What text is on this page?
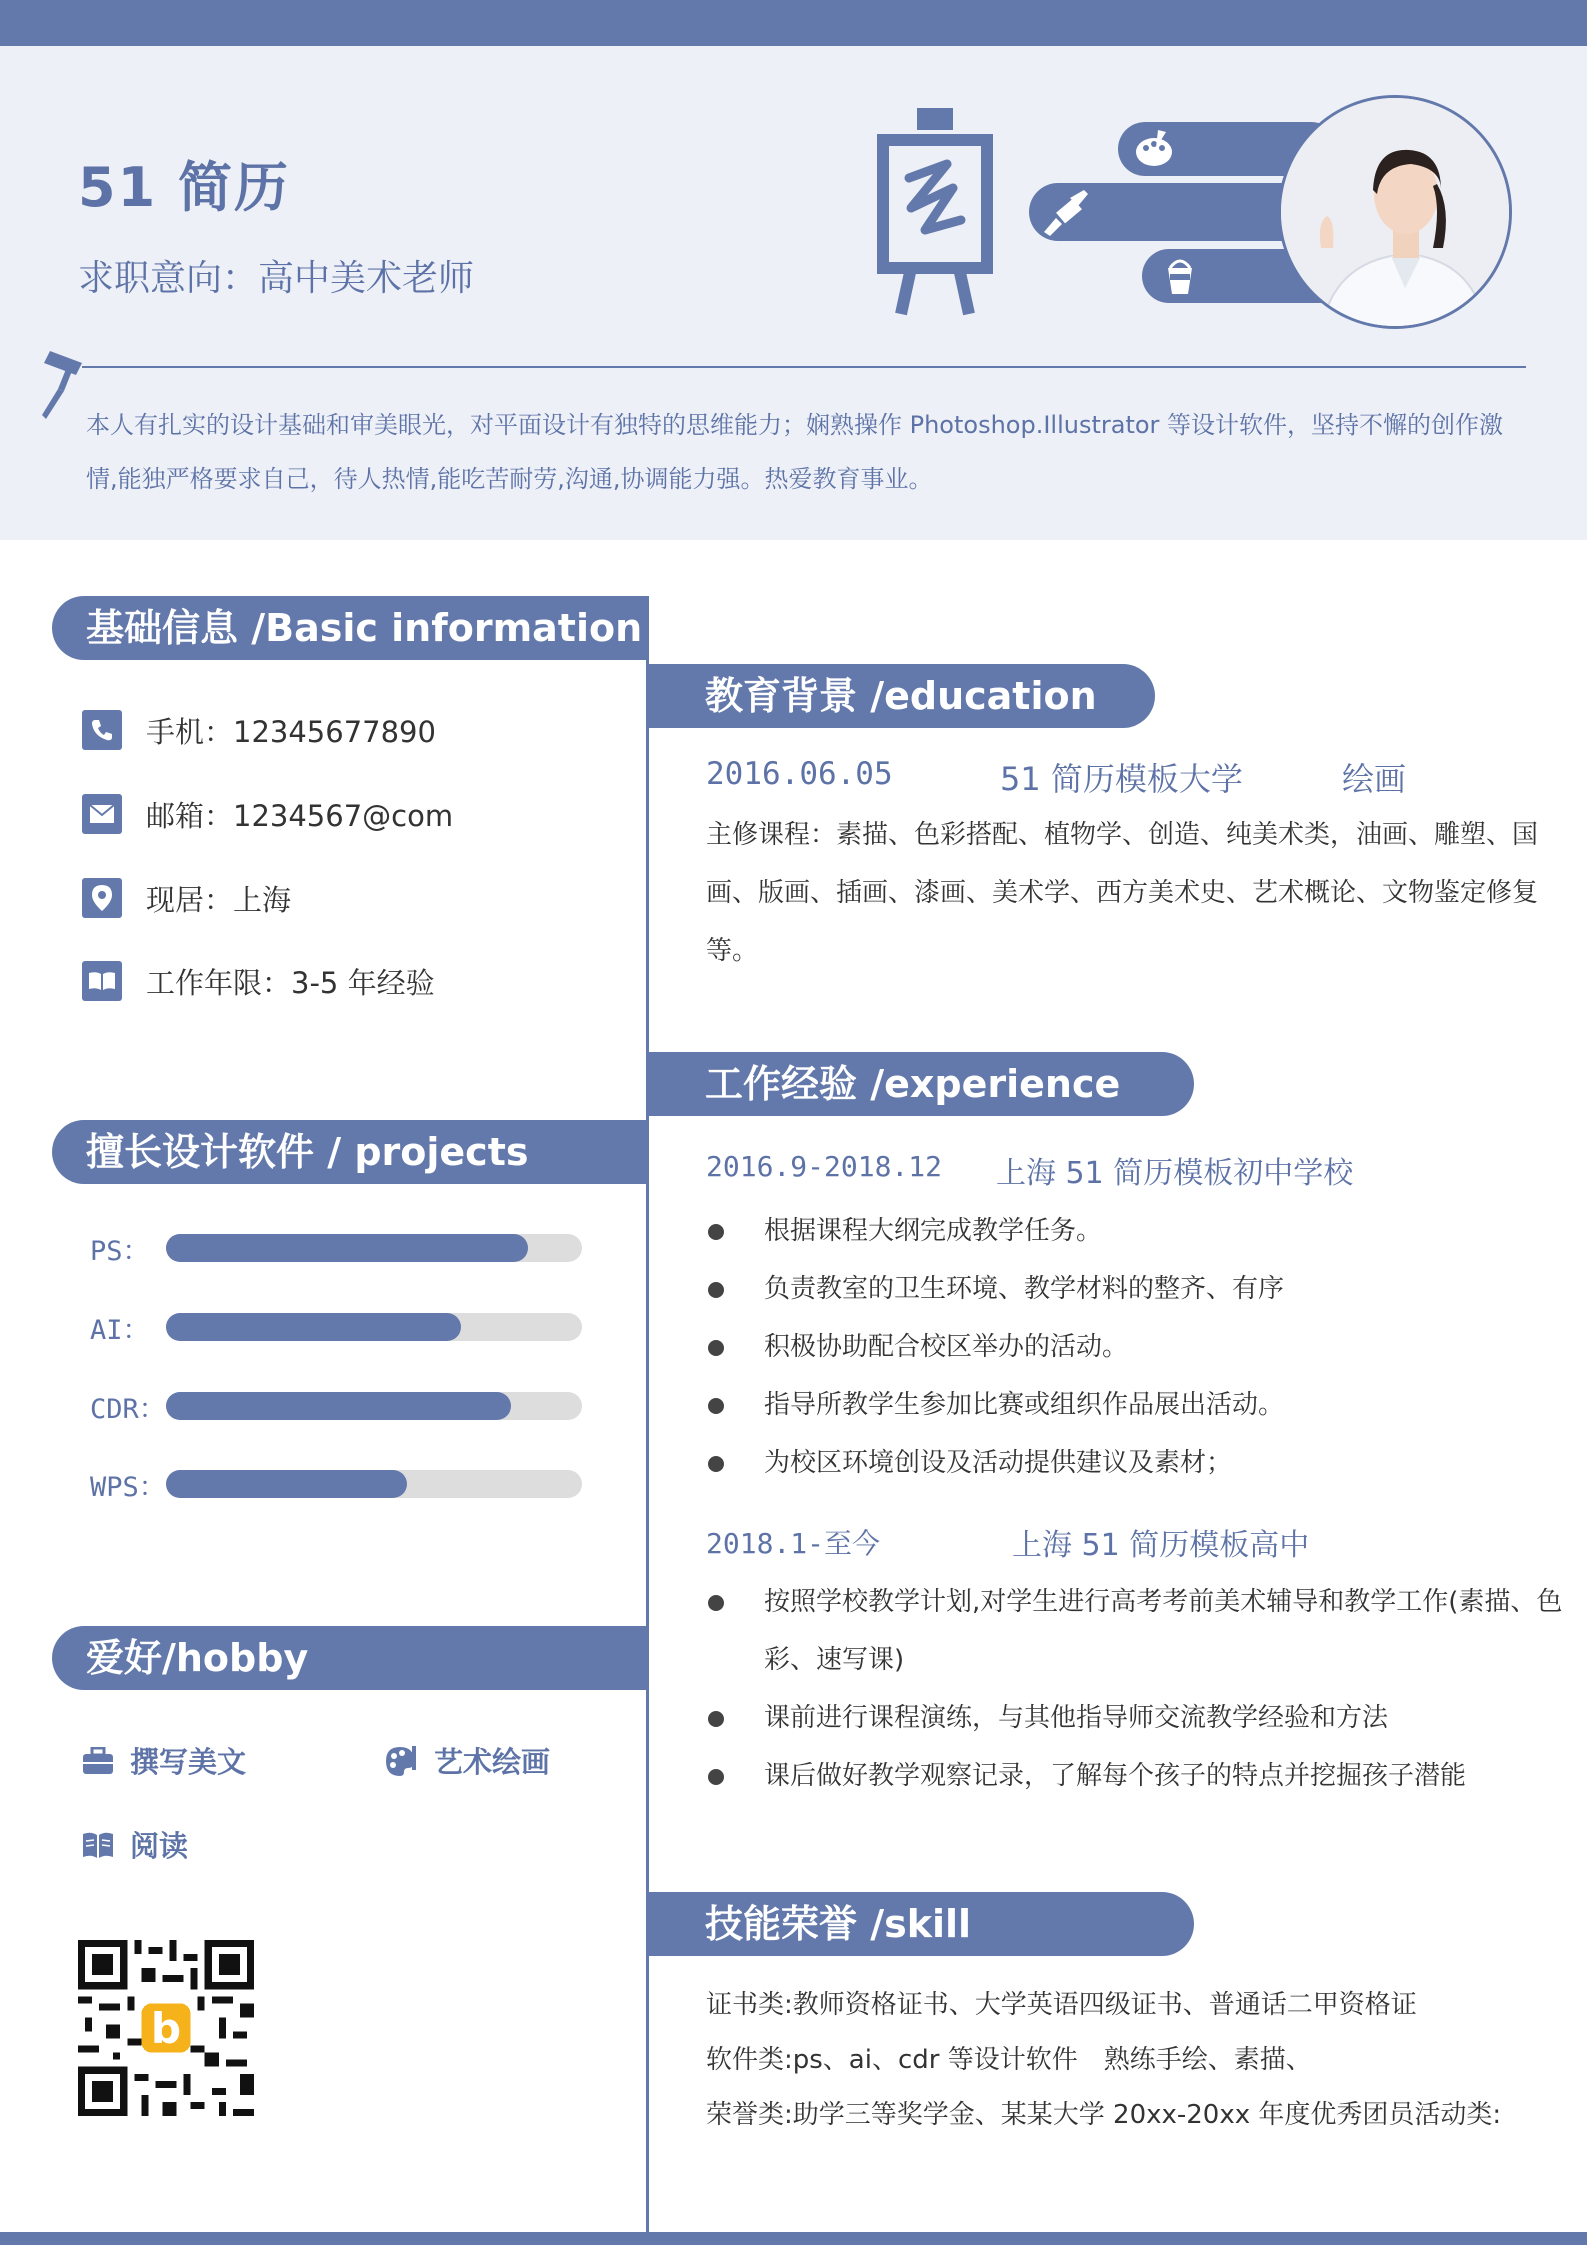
51 简历
求职意向：高中美术老师

本人有扎实的设计基础和审美眼光，对平面设计有独特的思维能力；娴熟操作 Photoshop.Illustrator 等设计软件，坚持不懈的创作激情,能独严格要求自己，待人热情,能吃苦耐劳,沟通,协调能力强。热爱教育事业。

基础信息 /Basic information
手机：12345677890
邮箱：1234567@com
现居：上海
工作年限：3-5 年经验
擅长设计软件 / projects
PS：
AI：
CDR：
WPS：
爱好/hobby
撰写美文	艺术绘画
阅读
b
教育背景 /education
2016.06.05	51 简历模板大学	绘画

主修课程：素描、色彩搭配、植物学、创造、纯美术类，油画、雕塑、国画、版画、插画、漆画、美术学、西方美术史、艺术概论、文物鉴定修复等。

工作经验 /experience
2016.9-2018.12 上海 51 简历模板初中学校
根据课程大纲完成教学任务。
负责教室的卫生环境、教学材料的整齐、有序
积极协助配合校区举办的活动。
指导所教学生参加比赛或组织作品展出活动。
为校区环境创设及活动提供建议及素材；
2018.1-至今	上海 51 简历模板高中
按照学校教学计划,对学生进行高考考前美术辅导和教学工作(素描、色彩、速写课)
课前进行课程演练，与其他指导师交流教学经验和方法
课后做好教学观察记录，了解每个孩子的特点并挖掘孩子潜能
技能荣誉 /skill

证书类:教师资格证书、大学英语四级证书、普通话二甲资格证

软件类:ps、ai、cdr 等设计软件　熟练手绘、素描、

荣誉类:助学三等奖学金、某某大学 20xx-20xx 年度优秀团员活动类:
